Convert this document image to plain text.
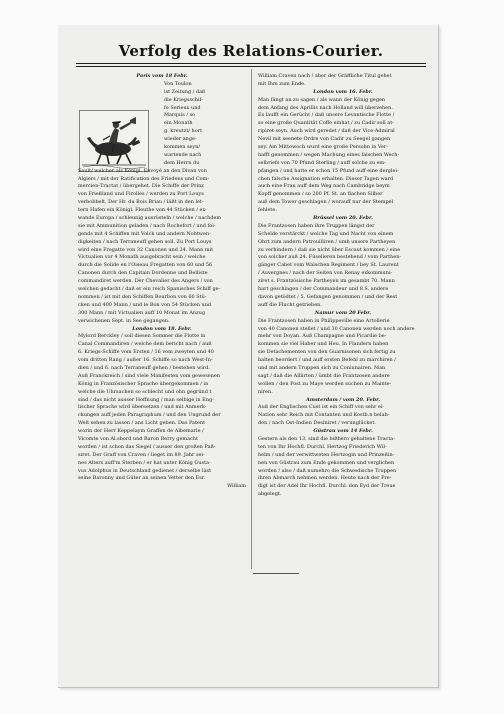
Verfolg des Relations-Courier.
Paris vom 18 Febr.
Von Toulon
ist Zeitung / daß
die Kriegsschif-
fe Serieux und
Marquis / so
ein Monath
g. kreutzt/ hort
wieder ange-
kommen seyn/
wartende nach
dem Herrn du
Sault/ welcher als Königl. Envoyé an den Divan von
Algiers / mit der Ratification des Friedens und Com-
mercien-Tractat / übergehet. Die Schiffe der Prinz
von Frießland und Firolles / werden zu Port Louys
verbobbelt. Der Hr. du Bois Briau / läßt in den let-
tern Hafen ein Königl. Fleuthe von 44 Stücken / ex-
wande Europa / schleunig ausrüsteln / welche / nachdem
sie mit Ammunition geladen / nach Rochefort / und fol-
gends mit 4 Schiffen mit Volck und andern Nohtwen-
digkeiten / nach Terraneuff gehen soll. Zu Port Louys
wird eine Fregatte von 32 Canonen und 24. Mann mit
Victualien vor 4 Monath ausgebracht sein / welche
durch die Solide en l'Oiseau Fregatten von 60 und 56
Canonen durch den Capitain Dordenne und Belliste
commandiret werden. Der Chevalier des Angers / von
welchen gedacht / daß er ein reich Spanisches Schiff ge-
nommen / ist mit den Schiffen Bourbon von 60 Stü-
cken und 400 Mann / und le Bon von 54 Stücken und
300 Mann / mit Victualien auff 10 Monat im Anzug
verwichenen Sept. in See gegangen.
London vom 18. Febr.
Mylord Berckley / soll diesen Sommer die Flotte in
Canal Commandiren / welche dem bericht nach / auß
6. Kriegs-Schiffe vom Ersten / 16 vom zweyten und 40
vom dritten Rang / außer 16. Schiffe so nach West-In-
dien / und 6. nach Terraneuff gehen / bestehen wird.
Auß Franckreich / sind viele Manifesten vom gewesenen
König in Französischer Sprache übergekommen / in
welche die Uhrsachen so schlecht und ohn gegründ t
sind / das nicht ausser Hoffnung / man selbige in Eng-
lischer Sprache wird übersetzen / und mit Anmerk-
ckungen auff jeden Paragraphum / und den Ungrund der
Welt sehen zu lassen / ans Licht geben. Das Patent
worin der Herr Keppelaym Graffen de Albemarle /
Vicomte von Al.sbord und Baron Berry gemacht
worden / ist schon das Siegel / ausser den großen Paß-
siret. Der Graff von Craven / lieget im 89. Jahr sei-
nes Alters auff'm Sterben / er hat unter König Gusta-
vus Adolphus in Deutschland gedienet / derselbe läst
seine Baronny und Güter an seinen Vetter den Esr.
William
William Craven nach / aber der Gräffliche Titul gehet
mit Ihm zum Ende.
London vom 16. Febr.
Man fängt an zu sagen / als wann der König gegen
dem Anfang des Aprillis nach Holland will überzehen.
Es laufft ein Gerücht / daß unsere Levantische Flotte /
so eine große Quantität Coffe einhat / zu Cadir soll at-
ripiret seyn. Auch wird geredet / daß der Vice-Admiral
Nevil mit seenete Ordre von Cadir zu Seegel gangen
sey. Am Mittewoch wurd eine große Persohn in Ver-
hafft genommen / wegen Machung eines falschen Wech-
selbriefs von 70 Pfund Sterling / auff solche zu em-
pfangen / und hatte er schon 15 Pfund auff eine derglei-
chen falsche Assignation erhalten. Dieser Tagen ward
auch eine Frau auff dem Weg nach Cambridge beym
Kopff genommen / so 200 Pf. St. an flachen Silber
auß dem Tower geschlagen / worauff nur der Stempel
fehlete.
Brüssel vom 20. Febr.
Die Frantzosen haben ihre Truppen längst der
Schelde verstärckt / welche Tag und Nacht von einem
Ohrt zum andern Patrouilliren / umb unsere Partheyen
zu verhindern / daß sie nicht über Escaut kommen / eine
von solcher auß 24. Füselieren bestehend / vom Parthen-
gänger Cabet vom Walschen Regiment / bey St. Laurent
/ Auvergnes / nach der Seiten von Renay exkommuni-
ziret s. Frantzösische Partheyen im gesambt 70. Mann
hart geschlagen / der Commandeur und 8 S. andere
davon getödtet / 5. Gefangen genommen / und der Rest
auff die Flucht getrieben.
Namur vom 20 Febr.
Die Frantzosen haben in Philippeville eine Artollerie
von 40 Canonen stellet / und 30 Canonen werden noch andere
mehr von Doyan. Auß Champagne und Picardie be-
kommen sie viel Haber und Heu. In Flandern haben
sie Detachementen von den Guarnisonen sich fertig zu
halten beordert / und auff ersten Befehl zu marchiren /
und mit andern Truppen sich zu Coniunairen. Man
sagt / daß die Alliirten / ümbt die Frantzosen andere
wollen / den Post zu Maye werden suchen zu Mainte-
niren.
Amsterdam / vom 20. Febr.
Auß der Englischen Cust ist ein Schiff von sehr ei-
Nation sehr Reich mit Contanten und Kostb.n belah-
den / nach Ost-Indien Desiniret / verunglücket.
Güstrau vom 14 Febr.
Gestern als den 13. sind die bißhero gehaltene Tracta-
ten von Ihr Hochfl. Durchl. Hertzog Friederich Wil-
helm / und der verwittweten Hertzogin und Prinzeßin-
nen von Güstrau zum Ende gekommen und verglichen
worden / also / daß numehro die Schwedische Truppen
ihren Abmarch nehmen werden. Heute nach der Pre-
digt ist der Adel Ihr Hochfl. Durchl. den Eyd der Treue
abgelegt.
